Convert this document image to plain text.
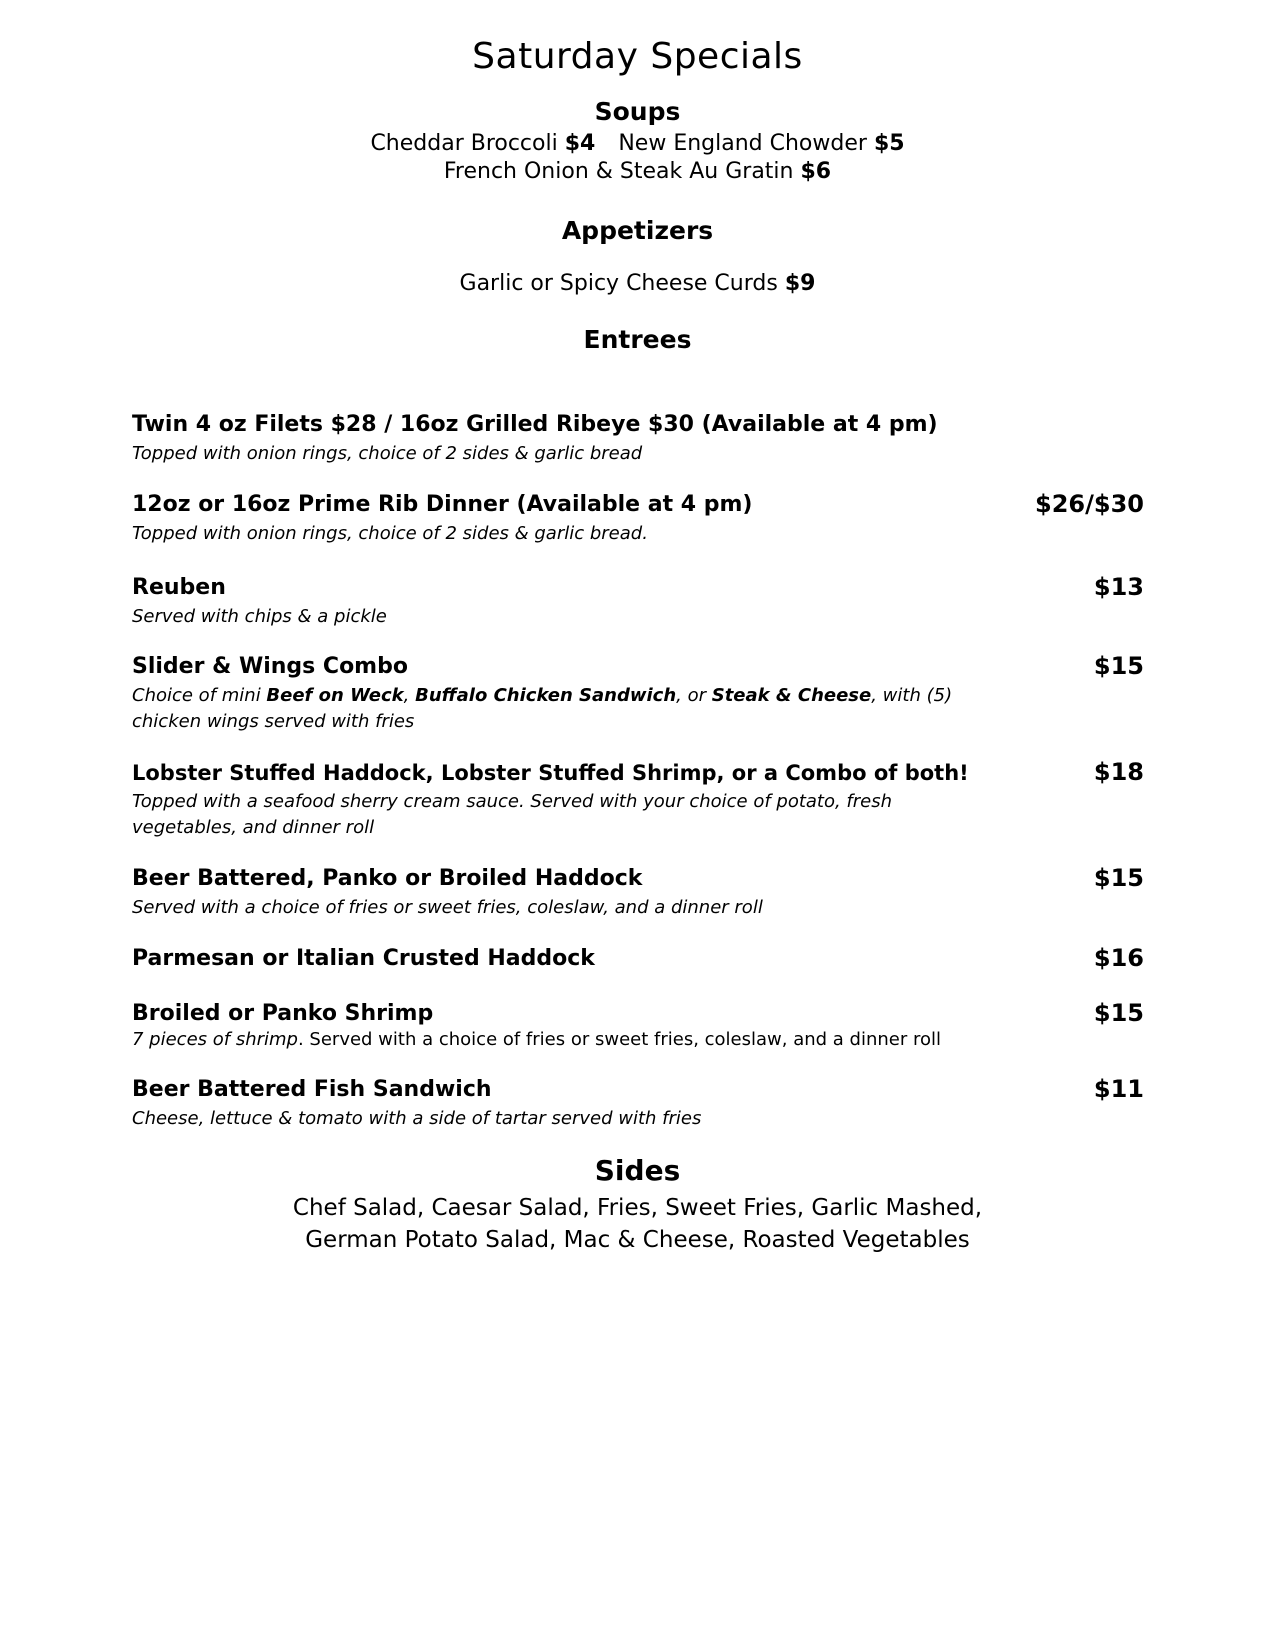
Saturday Specials
Soups
Cheddar Broccoli $4 New England Chowder $5
French Onion & Steak Au Gratin $6
Appetizers
Garlic or Spicy Cheese Curds $9
Entrees
Twin 4 oz Filets $28 / 16oz Grilled Ribeye $30 (Available at 4 pm)
Topped with onion rings, choice of 2 sides & garlic bread
$26/$30
12oz or 16oz Prime Rib Dinner (Available at 4 pm)
Topped with onion rings, choice of 2 sides & garlic bread.
$13
Reuben
Served with chips & a pickle
$15
Slider & Wings Combo
Choice of mini Beef on Weck, Buffalo Chicken Sandwich, or Steak & Cheese, with (5) chicken wings served with fries
$18
Lobster Stuffed Haddock, Lobster Stuffed Shrimp, or a Combo of both!
Topped with a seafood sherry cream sauce. Served with your choice of potato, fresh vegetables, and dinner roll
$15
Beer Battered, Panko or Broiled Haddock
Served with a choice of fries or sweet fries, coleslaw, and a dinner roll
$16
Parmesan or Italian Crusted Haddock
$15
Broiled or Panko Shrimp
7 pieces of shrimp. Served with a choice of fries or sweet fries, coleslaw, and a dinner roll
$11
Beer Battered Fish Sandwich
Cheese, lettuce & tomato with a side of tartar served with fries
Sides
Chef Salad, Caesar Salad, Fries, Sweet Fries, Garlic Mashed,
German Potato Salad, Mac & Cheese, Roasted Vegetables
